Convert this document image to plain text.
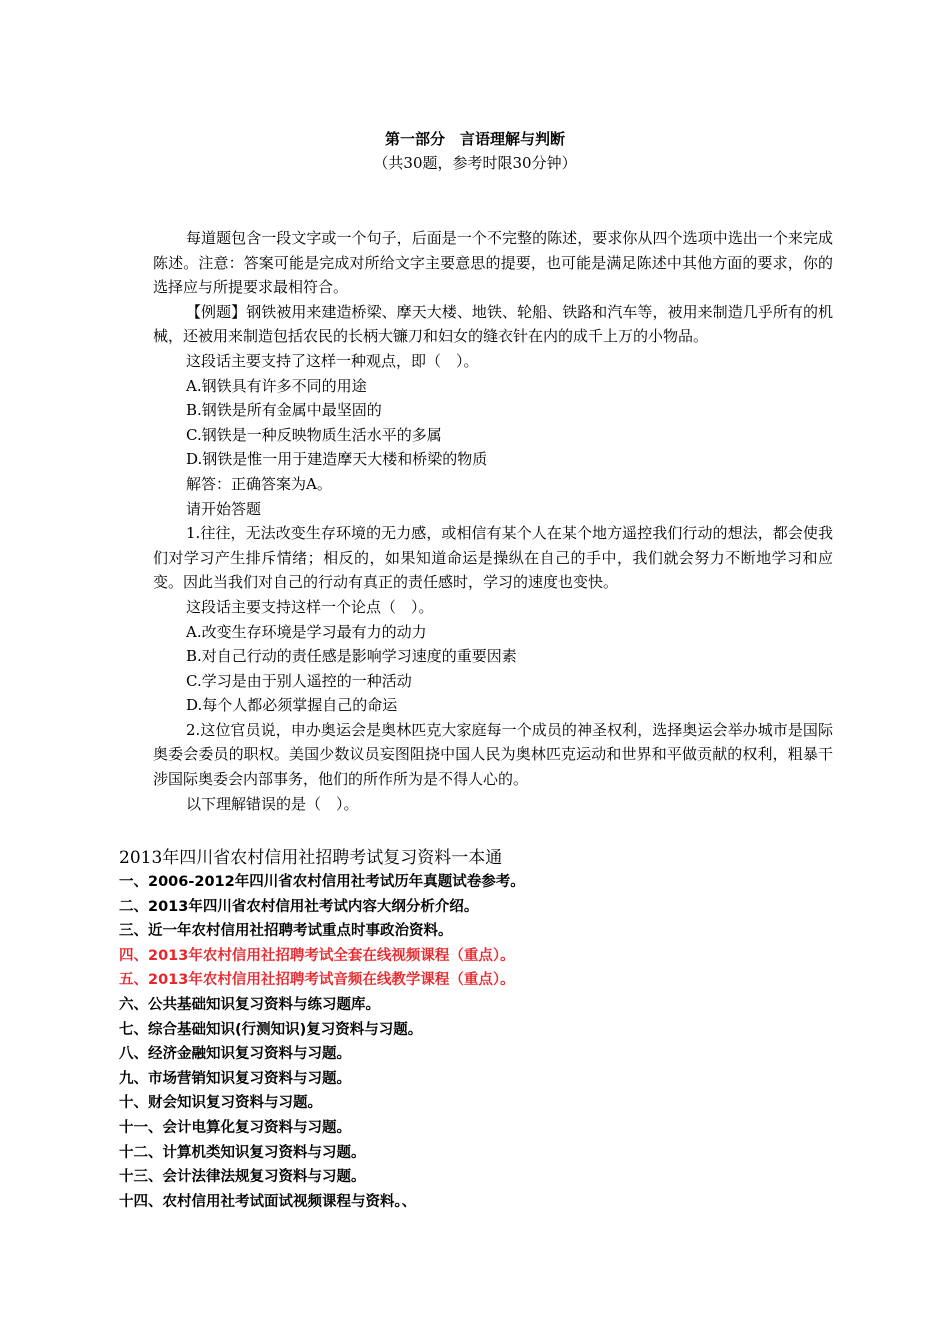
第一部分　言语理解与判断
（共30题，参考时限30分钟）

每道题包含一段文字或一个句子，后面是一个不完整的陈述，要求你从四个选项中选出一个来完成陈述。注意：答案可能是完成对所给文字主要意思的提要，也可能是满足陈述中其他方面的要求，你的选择应与所提要求最相符合。

【例题】钢铁被用来建造桥梁、摩天大楼、地铁、轮船、铁路和汽车等，被用来制造几乎所有的机械，还被用来制造包括农民的长柄大镰刀和妇女的缝衣针在内的成千上万的小物品。

这段话主要支持了这样一种观点，即（　）。

A.钢铁具有许多不同的用途

B.钢铁是所有金属中最坚固的

C.钢铁是一种反映物质生活水平的多属

D.钢铁是惟一用于建造摩天大楼和桥梁的物质

解答：正确答案为A。

请开始答题

1.往往，无法改变生存环境的无力感，或相信有某个人在某个地方遥控我们行动的想法，都会使我们对学习产生排斥情绪；相反的，如果知道命运是操纵在自己的手中，我们就会努力不断地学习和应变。因此当我们对自己的行动有真正的责任感时，学习的速度也变快。

这段话主要支持这样一个论点（　）。

A.改变生存环境是学习最有力的动力

B.对自己行动的责任感是影响学习速度的重要因素

C.学习是由于别人遥控的一种活动

D.每个人都必须掌握自己的命运

2.这位官员说，申办奥运会是奥林匹克大家庭每一个成员的神圣权利，选择奥运会举办城市是国际奥委会委员的职权。美国少数议员妄图阻挠中国人民为奥林匹克运动和世界和平做贡献的权利，粗暴干涉国际奥委会内部事务，他们的所作所为是不得人心的。

以下理解错误的是（　）。

2013年四川省农村信用社招聘考试复习资料一本通
一、2006-2012年四川省农村信用社考试历年真题试卷参考。
二、2013年四川省农村信用社考试内容大纲分析介绍。
三、近一年农村信用社招聘考试重点时事政治资料。
四、2013年农村信用社招聘考试全套在线视频课程（重点）。
五、2013年农村信用社招聘考试音频在线教学课程（重点）。
六、公共基础知识复习资料与练习题库。
七、综合基础知识(行测知识)复习资料与习题。
八、经济金融知识复习资料与习题。
九、市场营销知识复习资料与习题。
十、财会知识复习资料与习题。
十一、会计电算化复习资料与习题。
十二、计算机类知识复习资料与习题。
十三、会计法律法规复习资料与习题。
十四、农村信用社考试面试视频课程与资料。、
